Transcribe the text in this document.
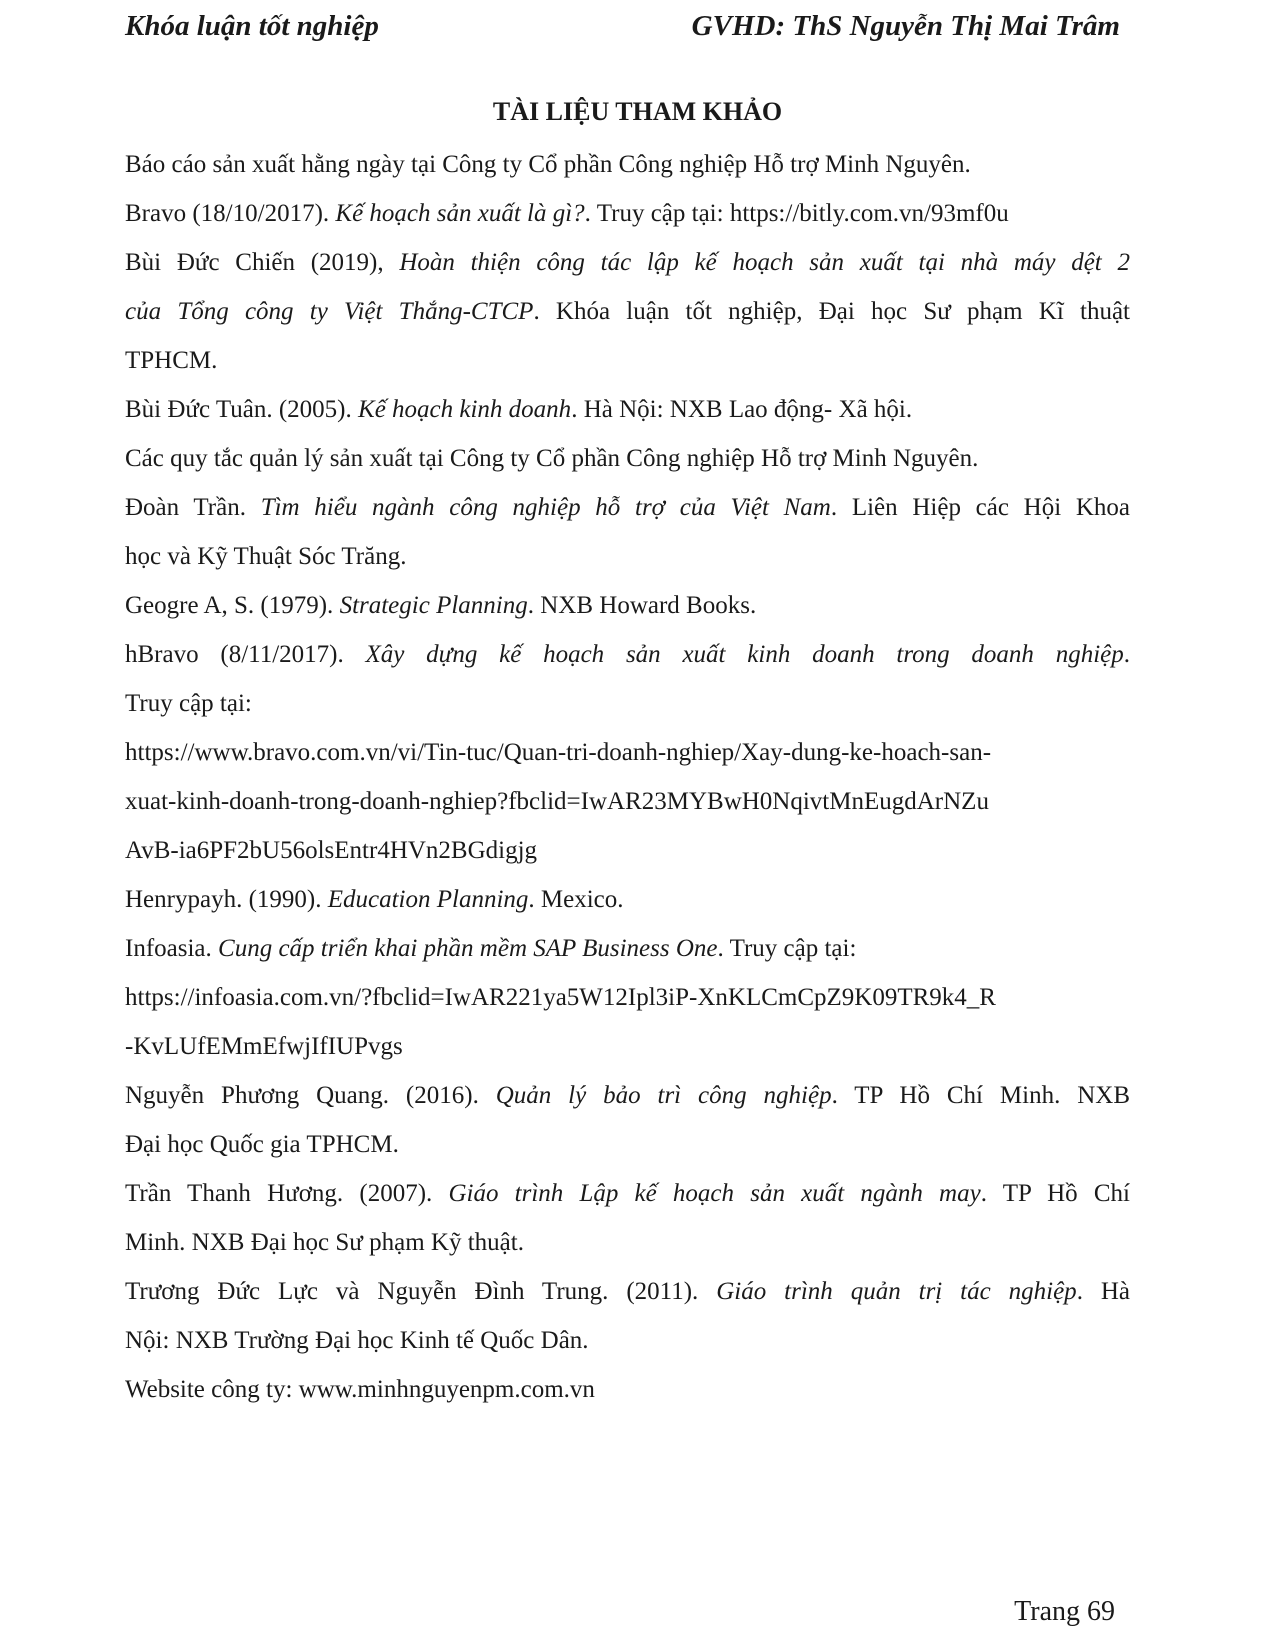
Khóa luận tốt nghiệp	GVHD: ThS Nguyễn Thị Mai Trâm
TÀI LIỆU THAM KHẢO
Báo cáo sản xuất hằng ngày tại Công ty Cổ phần Công nghiệp Hỗ trợ Minh Nguyên.
Bravo (18/10/2017). Kế hoạch sản xuất là gì?. Truy cập tại: https://bitly.com.vn/93mf0u
Bùi Đức Chiến (2019), Hoàn thiện công tác lập kế hoạch sản xuất tại nhà máy dệt 2
của Tổng công ty Việt Thắng-CTCP. Khóa luận tốt nghiệp, Đại học Sư phạm Kĩ thuật
TPHCM.
Bùi Đức Tuân. (2005). Kế hoạch kinh doanh. Hà Nội: NXB Lao động- Xã hội.
Các quy tắc quản lý sản xuất tại Công ty Cổ phần Công nghiệp Hỗ trợ Minh Nguyên.
Đoàn Trần. Tìm hiểu ngành công nghiệp hỗ trợ của Việt Nam. Liên Hiệp các Hội Khoa
học và Kỹ Thuật Sóc Trăng.
Geogre A, S. (1979). Strategic Planning. NXB Howard Books.
hBravo (8/11/2017). Xây dựng kế hoạch sản xuất kinh doanh trong doanh nghiệp.
Truy cập tại:
https://www.bravo.com.vn/vi/Tin-tuc/Quan-tri-doanh-nghiep/Xay-dung-ke-hoach-san-
xuat-kinh-doanh-trong-doanh-nghiep?fbclid=IwAR23MYBwH0NqivtMnEugdArNZu
AvB-ia6PF2bU56olsEntr4HVn2BGdigjg
Henrypayh. (1990). Education Planning. Mexico.
Infoasia. Cung cấp triển khai phần mềm SAP Business One. Truy cập tại:
https://infoasia.com.vn/?fbclid=IwAR221ya5W12Ipl3iP-XnKLCmCpZ9K09TR9k4_R
-KvLUfEMmEfwjIfIUPvgs
Nguyễn Phương Quang. (2016). Quản lý bảo trì công nghiệp. TP Hồ Chí Minh. NXB
Đại học Quốc gia TPHCM.
Trần Thanh Hương. (2007). Giáo trình Lập kế hoạch sản xuất ngành may. TP Hồ Chí
Minh. NXB Đại học Sư phạm Kỹ thuật.
Trương Đức Lực và Nguyễn Đình Trung. (2011). Giáo trình quản trị tác nghiệp. Hà
Nội: NXB Trường Đại học Kinh tế Quốc Dân.
Website công ty: www.minhnguyenpm.com.vn
Trang 69
